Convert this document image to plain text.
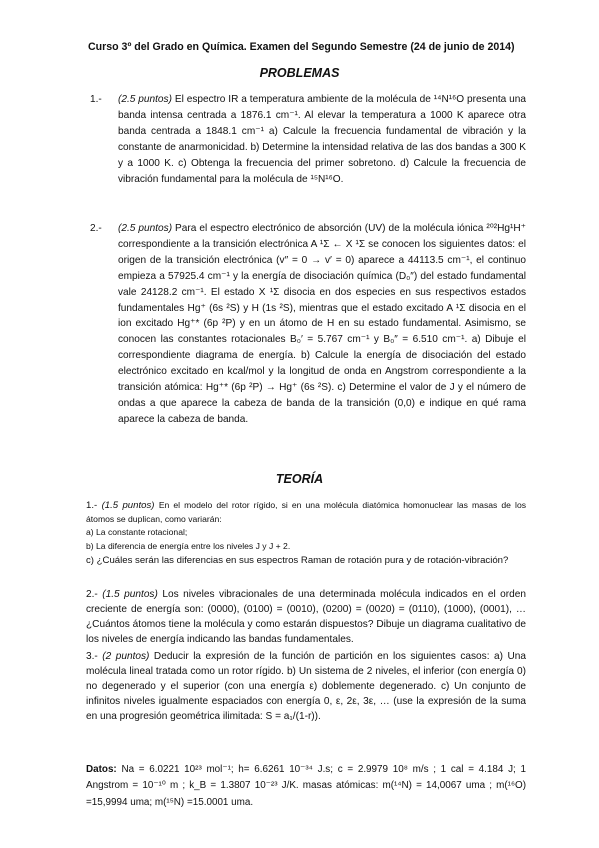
Curso 3º del Grado en Química. Examen del Segundo Semestre (24 de junio de 2014)
PROBLEMAS
1.- (2.5 puntos) El espectro IR a temperatura ambiente de la molécula de ¹⁴N¹⁶O presenta una banda intensa centrada a 1876.1 cm⁻¹. Al elevar la temperatura a 1000 K aparece otra banda centrada a 1848.1 cm⁻¹ a) Calcule la frecuencia fundamental de vibración y la constante de anarmonicidad. b) Determine la intensidad relativa de las dos bandas a 300 K y a 1000 K. c) Obtenga la frecuencia del primer sobretono. d) Calcule la frecuencia de vibración fundamental para la molécula de ¹⁵N¹⁶O.
2.- (2.5 puntos) Para el espectro electrónico de absorción (UV) de la molécula iónica ²⁰²Hg¹H⁺ correspondiente a la transición electrónica A ¹Σ ← X ¹Σ se conocen los siguientes datos: el origen de la transición electrónica (v″ = 0 → v′ = 0) aparece a 44113.5 cm⁻¹, el continuo empieza a 57925.4 cm⁻¹ y la energía de disociación química (D₀″) del estado fundamental vale 24128.2 cm⁻¹. El estado X ¹Σ disocia en dos especies en sus respectivos estados fundamentales Hg⁺ (6s ²S) y H (1s ²S), mientras que el estado excitado A ¹Σ disocia en el ion excitado Hg⁺* (6p ²P) y en un átomo de H en su estado fundamental. Asimismo, se conocen las constantes rotacionales B₀′ = 5.767 cm⁻¹ y B₀″ = 6.510 cm⁻¹. a) Dibuje el correspondiente diagrama de energía. b) Calcule la energía de disociación del estado electrónico excitado en kcal/mol y la longitud de onda en Angstrom correspondiente a la transición atómica: Hg⁺* (6p ²P) → Hg⁺ (6s ²S). c) Determine el valor de J y el número de ondas a que aparece la cabeza de banda de la transición (0,0) e indique en qué rama aparece la cabeza de banda.
TEORÍA
1.- (1.5 puntos) En el modelo del rotor rígido, si en una molécula diatómica homonuclear las masas de los átomos se duplican, como variarán:
a) La constante rotacional;
b) La diferencia de energía entre los niveles J y J + 2.
c) ¿Cuáles serán las diferencias en sus espectros Raman de rotación pura y de rotación-vibración?
2.- (1.5 puntos) Los niveles vibracionales de una determinada molécula indicados en el orden creciente de energía son: (0000), (0100) = (0010), (0200) = (0020) = (0110), (1000), (0001), … ¿Cuántos átomos tiene la molécula y como estarán dispuestos? Dibuje un diagrama cualitativo de los niveles de energía indicando las bandas fundamentales.
3.- (2 puntos) Deducir la expresión de la función de partición en los siguientes casos: a) Una molécula lineal tratada como un rotor rígido. b) Un sistema de 2 niveles, el inferior (con energía 0) no degenerado y el superior (con una energía ε) doblemente degenerado. c) Un conjunto de infinitos niveles igualmente espaciados con energía 0, ε, 2ε, 3ε, … (use la expresión de la suma en una progresión geométrica ilimitada: S = a₁/(1-r)).
Datos: Na = 6.0221 10²³ mol⁻¹; h= 6.6261 10⁻³⁴ J.s; c = 2.9979 10⁸ m/s ; 1 cal = 4.184 J; 1 Angstrom = 10⁻¹⁰ m ; k_B = 1.3807 10⁻²³ J/K. masas atómicas: m(¹⁴N) = 14,0067 uma ; m(¹⁶O) =15,9994 uma; m(¹⁵N) =15.0001 uma.
